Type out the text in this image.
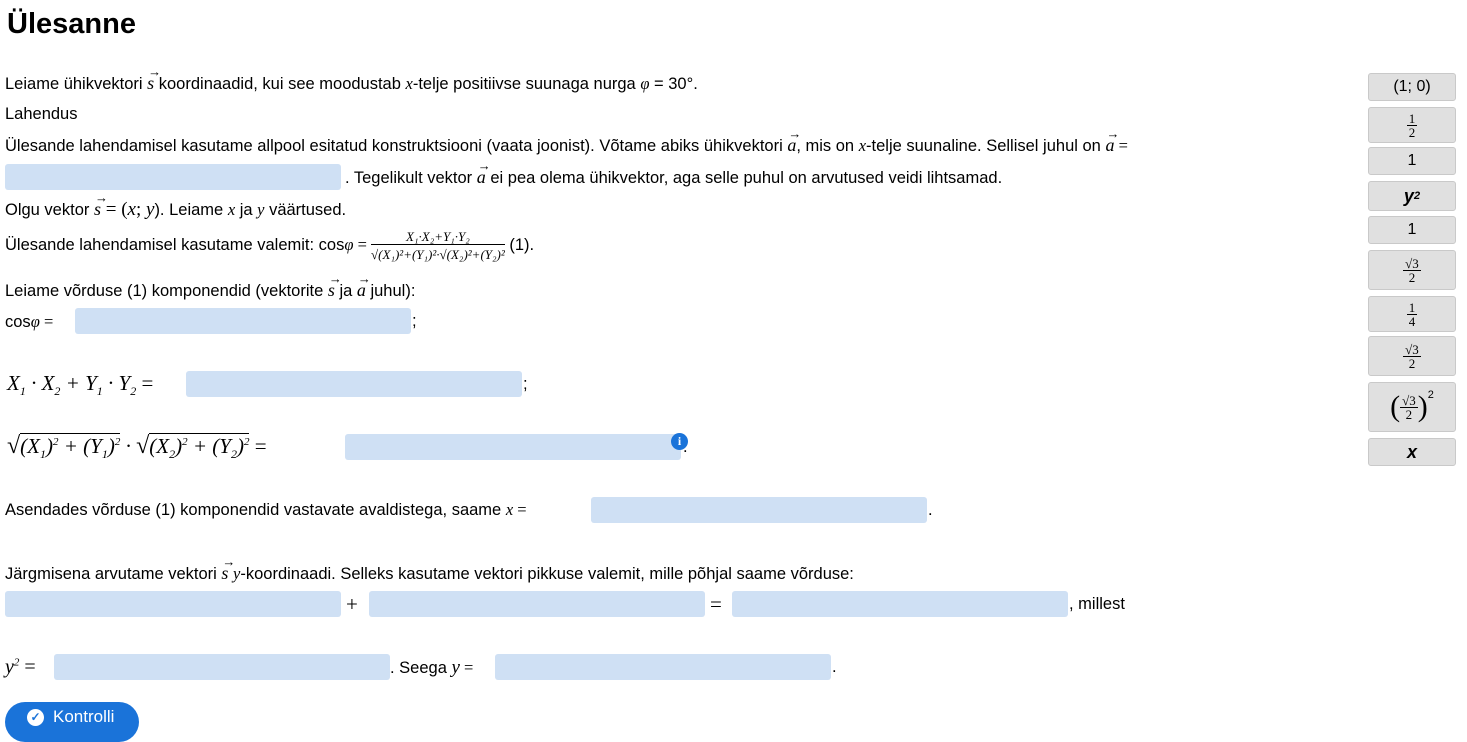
Ülesanne
Leiame ühikvektori → s koordinaadid, kui see moodustab x-telje positiivse suunaga nurga φ = 30°.
Lahendus
Ülesande lahendamisel kasutame allpool esitatud konstruktsiooni (vaata joonist). Võtame abiks ühikvektori → a, mis on x-telje suunaline. Sellisel juhul on → a =
. Tegelikult vektor → a ei pea olema ühikvektor, aga selle puhul on arvutused veidi lihtsamad.
Olgu vektor → s = (x; y). Leiame x ja y väärtused.
Ülesande lahendamisel kasutame valemit: $\cos\varphi = \frac{\text{X₁·X₂+Y₁·Y₂}}{\text{√(X₁)²+(Y₁)²·√(X₂)²+(Y₂)²}} (1)$.
Leiame võrduse (1) komponendid (vektorite → s ja → a juhul):
cosφ =	;
$X_1 \cdot X_2 + Y_1 \cdot Y_2$ =	;
$√(X_1)^2 + (Y_1)^2 \cdot √(X_2)^2 + (Y_2)^2$ =	i .
Asendades võrduse (1) komponendid vastavate avaldistega, saame x =	.
Järgmisena arvutame vektori → s y-koordinaadi. Selleks kasutame vektori pikkuse valemit, mille põhjal saame võrduse:
+	=	, millest
$y^2$ =	. Seega y =	.
(1; 0)
$\frac{1}{2}$
1
y 2
1
$\frac{√3}{2}$
$\frac{1}{4}$
$\frac{√3}{2}$
( $\frac{√3}{2} )^2$
x
✓ Kontrolli
